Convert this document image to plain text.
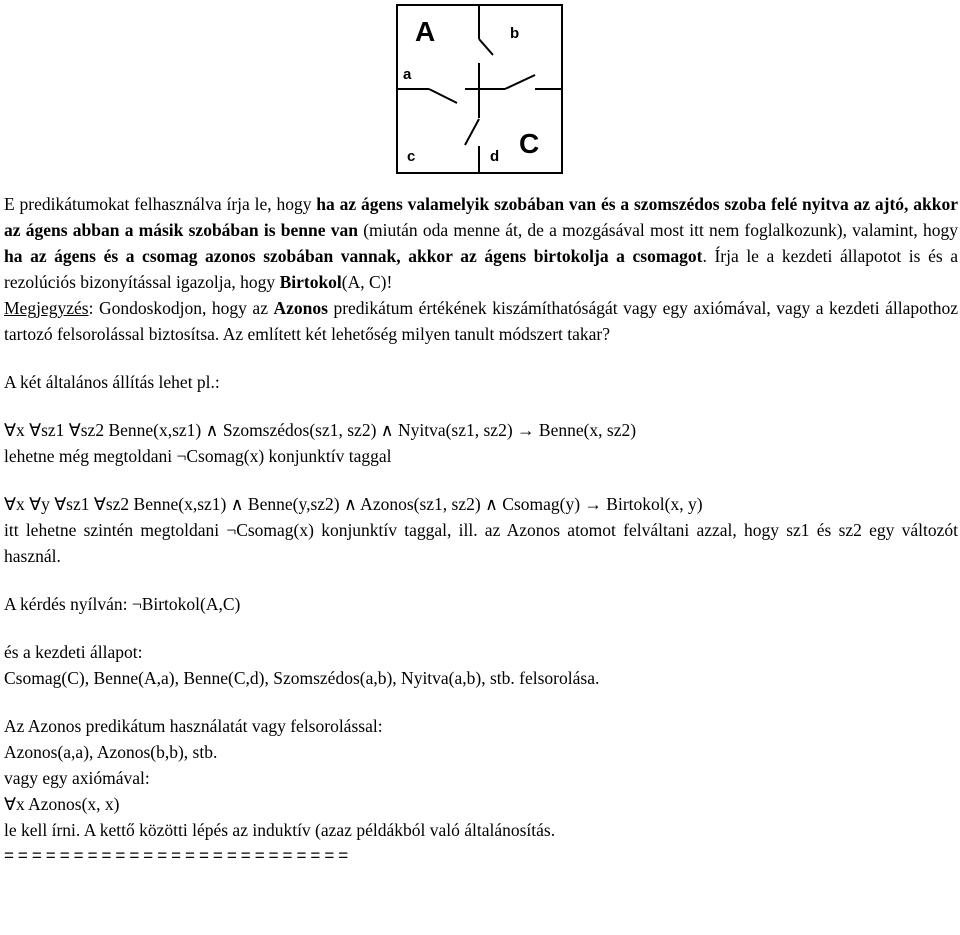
A	b
a
c	d C

E predikátumokat felhasználva írja le, hogy ha az ágens valamelyik szobában van és a szomszédos szoba felé nyitva az ajtó, akkor az ágens abban a másik szobában is benne van (miután oda menne át, de a mozgásával most itt nem foglalkozunk), valamint, hogy ha az ágens és a csomag azonos szobában vannak, akkor az ágens birtokolja a csomagot. Írja le a kezdeti állapotot is és a rezolúciós bizonyítással igazolja, hogy Birtokol(A, C)!

Megjegyzés: Gondoskodjon, hogy az Azonos predikátum értékének kiszámíthatóságát vagy egy axiómával, vagy a kezdeti állapothoz tartozó felsorolással biztosítsa. Az említett két lehetőség milyen tanult módszert takar?

A két általános állítás lehet pl.:

∀x ∀sz1 ∀sz2 Benne(x,sz1) ∧ Szomszédos(sz1, sz2) ∧ Nyitva(sz1, sz2) → Benne(x, sz2)

lehetne még megtoldani ¬Csomag(x) konjunktív taggal

∀x ∀y ∀sz1 ∀sz2 Benne(x,sz1) ∧ Benne(y,sz2) ∧ Azonos(sz1, sz2) ∧ Csomag(y) → Birtokol(x, y)

itt lehetne szintén megtoldani ¬Csomag(x) konjunktív taggal, ill. az Azonos atomot felváltani azzal, hogy sz1 és sz2 egy változót használ.

A kérdés nyílván: ¬Birtokol(A,C)

és a kezdeti állapot:

Csomag(C), Benne(A,a), Benne(C,d), Szomszédos(a,b), Nyitva(a,b), stb. felsorolása.

Az Azonos predikátum használatát vagy felsorolással:

Azonos(a,a), Azonos(b,b), stb.

vagy egy axiómával:

∀x Azonos(x, x)

le kell írni. A kettő közötti lépés az induktív (azaz példákból való általánosítás.

=========================
